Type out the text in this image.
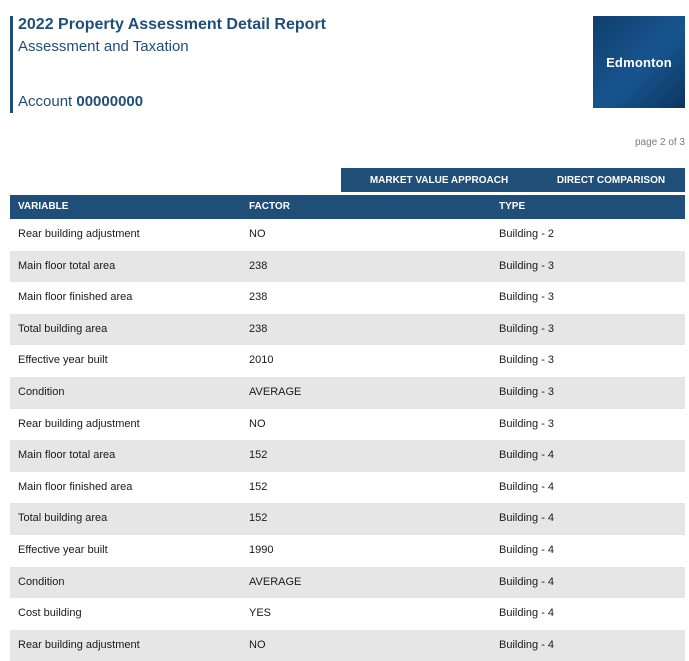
2022 Property Assessment Detail Report
Assessment and Taxation
Account 00000000
Edmonton
page 2 of 3
MARKET VALUE APPROACH	DIRECT COMPARISON
VARIABLE	FACTOR	TYPE
Rear building adjustment	NO	Building - 2
Main floor total area	238	Building - 3
Main floor finished area	238	Building - 3
Total building area	238	Building - 3
Effective year built	2010	Building - 3
Condition	AVERAGE	Building - 3
Rear building adjustment	NO	Building - 3
Main floor total area	152	Building - 4
Main floor finished area	152	Building - 4
Total building area	152	Building - 4
Effective year built	1990	Building - 4
Condition	AVERAGE	Building - 4
Cost building	YES	Building - 4
Rear building adjustment	NO	Building - 4
